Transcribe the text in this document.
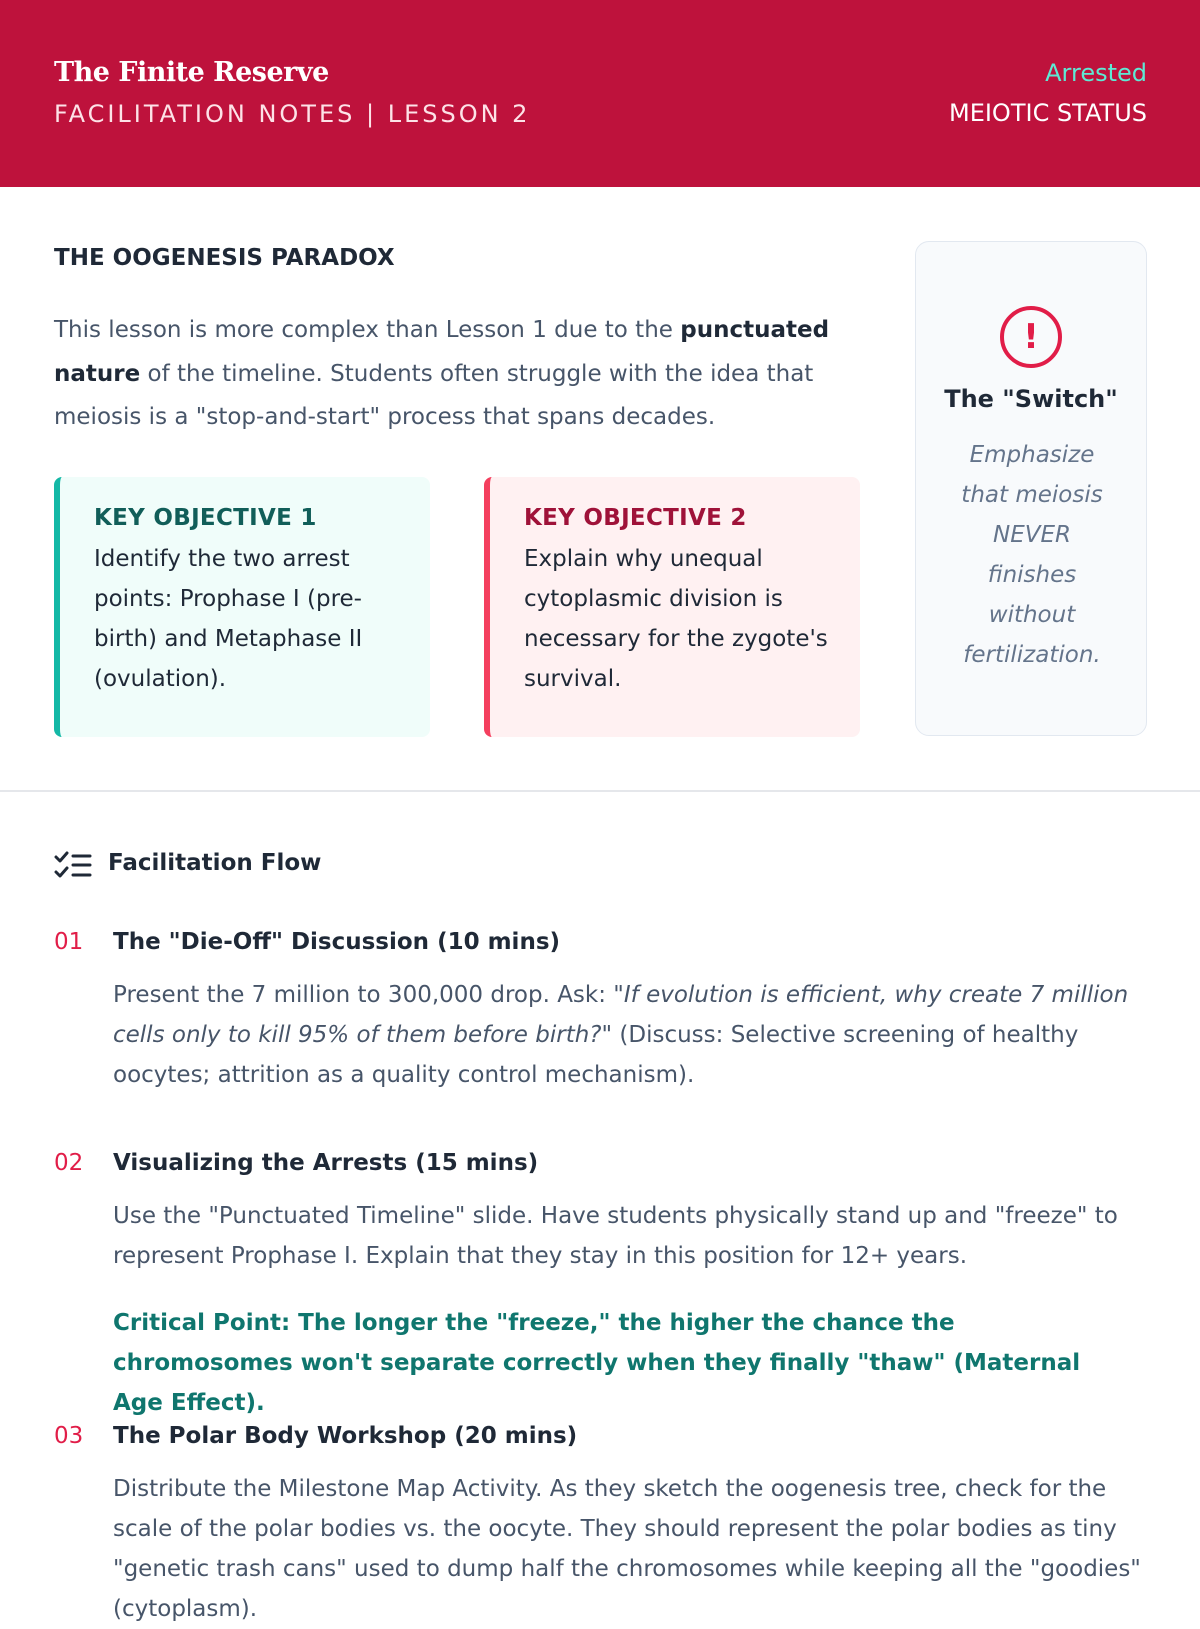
The Finite Reserve
FACILITATION NOTES | LESSON 2
Arrested
MEIOTIC STATUS
THE OOGENESIS PARADOX

This lesson is more complex than Lesson 1 due to the punctuated nature of the timeline. Students often struggle with the idea that meiosis is a "stop-and-start" process that spans decades.

KEY OBJECTIVE 1
Identify the two arrest points: Prophase I (pre-birth) and Metaphase II (ovulation).
KEY OBJECTIVE 2
Explain why unequal cytoplasmic division is necessary for the zygote's survival.
!
The "Switch"
Emphasize that meiosis NEVER finishes without fertilization.
Facilitation Flow
01 The "Die-Off" Discussion (10 mins)

Present the 7 million to 300,000 drop. Ask: "If evolution is efficient, why create 7 million cells only to kill 95% of them before birth?" (Discuss: Selective screening of healthy oocytes; attrition as a quality control mechanism).

02 Visualizing the Arrests (15 mins)

Use the "Punctuated Timeline" slide. Have students physically stand up and "freeze" to represent Prophase I. Explain that they stay in this position for 12+ years.

Critical Point: The longer the "freeze," the higher the chance the chromosomes won't separate correctly when they finally "thaw" (Maternal Age Effect).

03 The Polar Body Workshop (20 mins)

Distribute the Milestone Map Activity. As they sketch the oogenesis tree, check for the scale of the polar bodies vs. the oocyte. They should represent the polar bodies as tiny "genetic trash cans" used to dump half the chromosomes while keeping all the "goodies" (cytoplasm).
